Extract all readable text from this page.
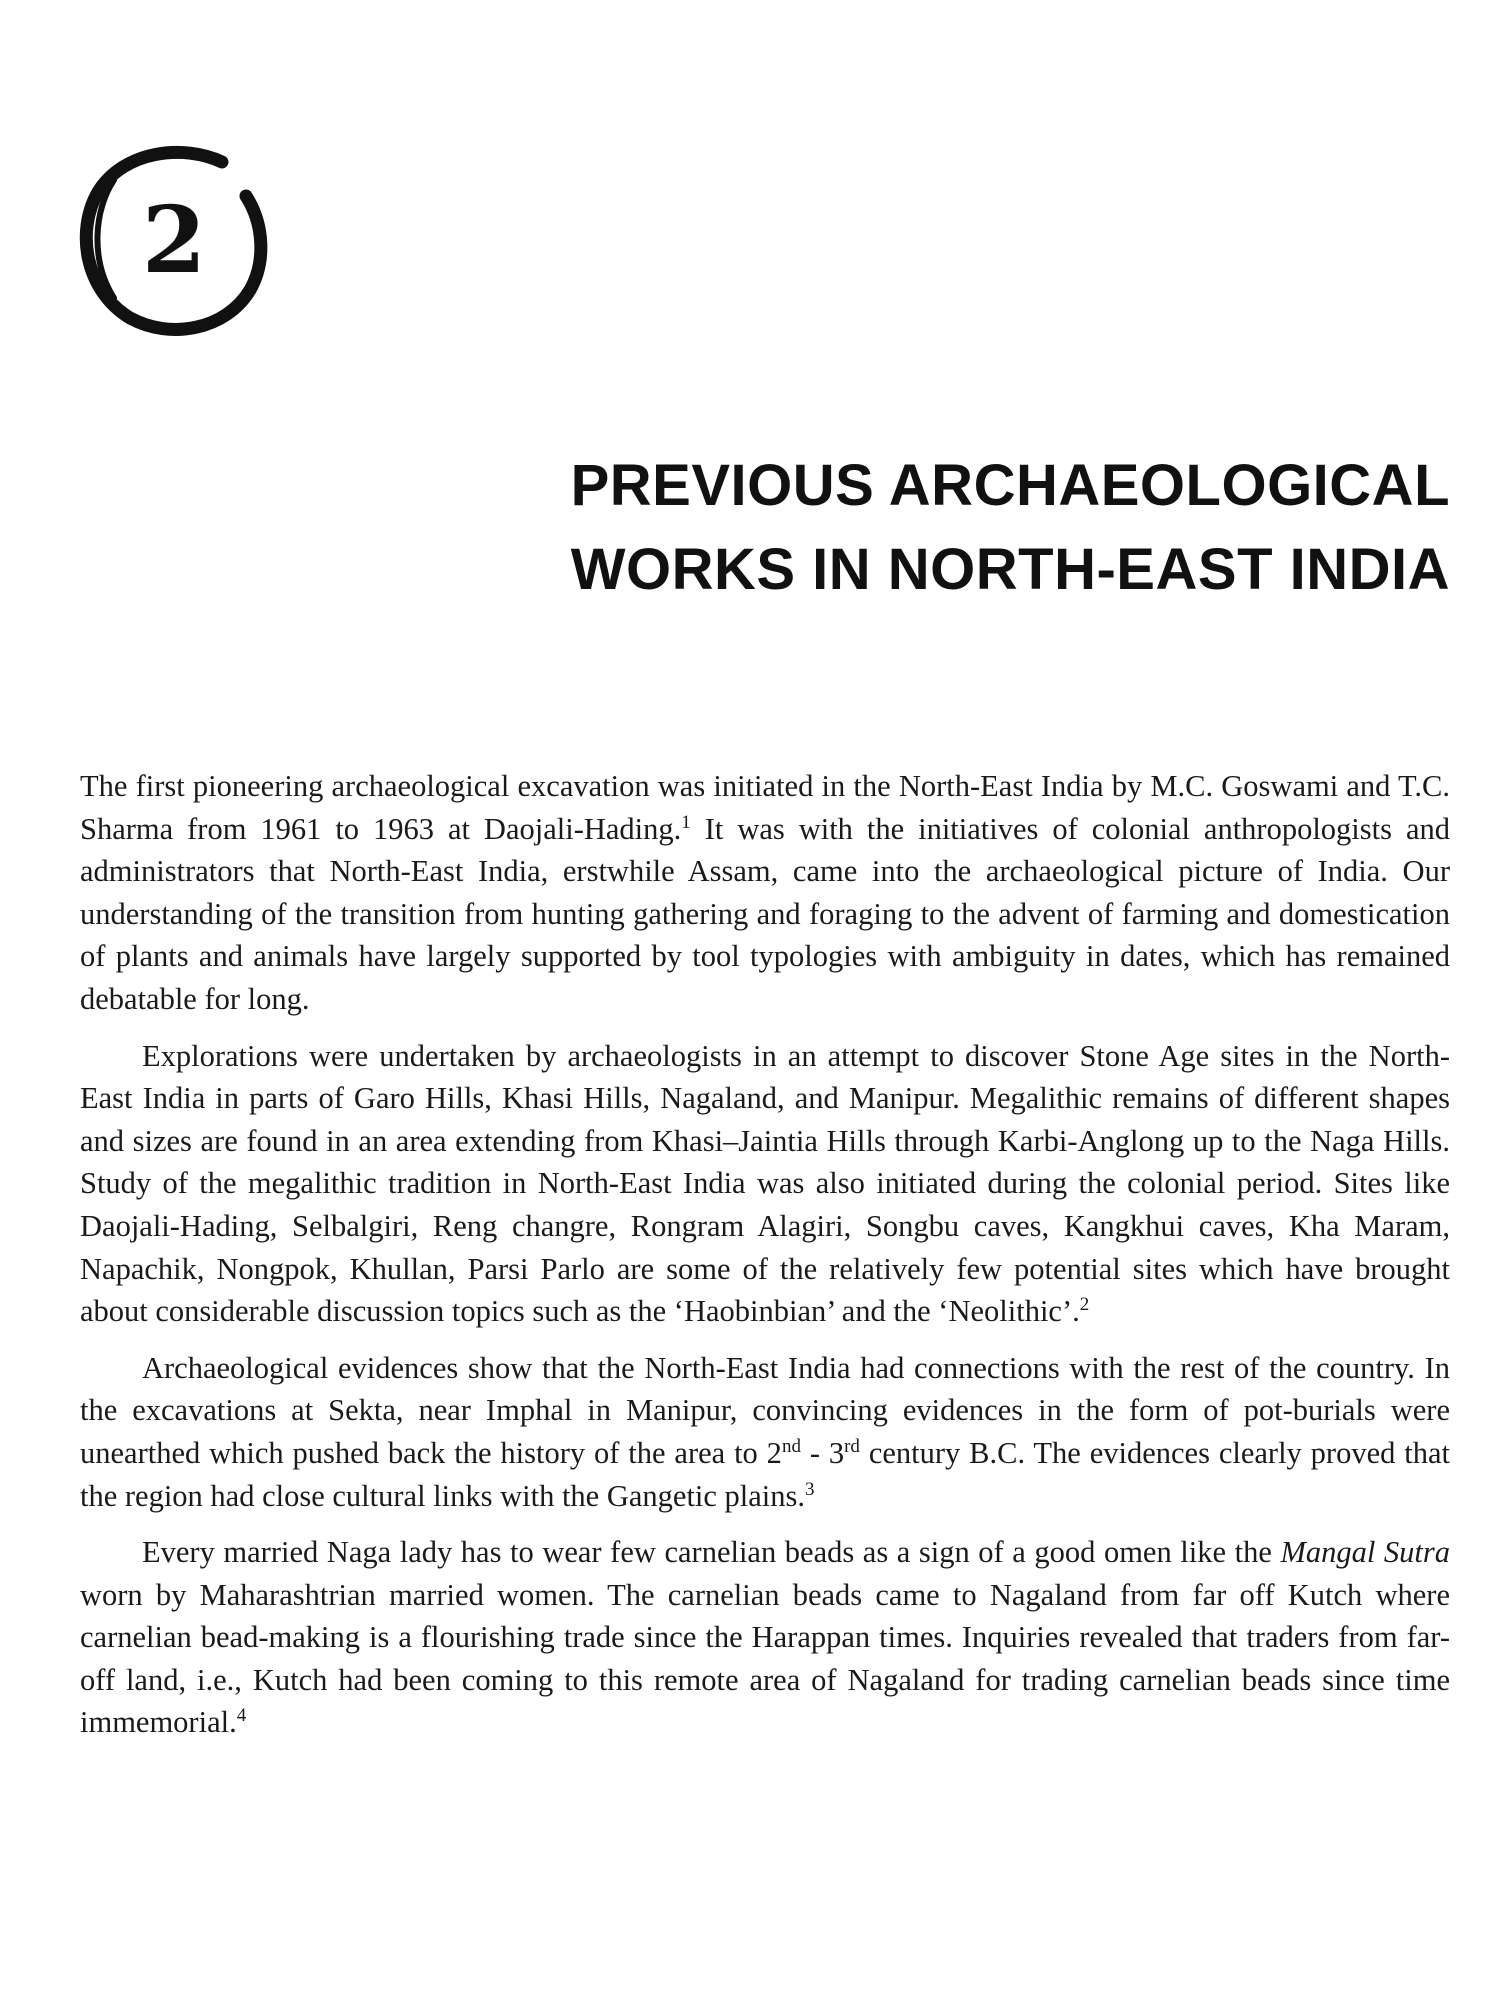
2
PREVIOUS ARCHAEOLOGICAL
WORKS IN NORTH-EAST INDIA

The first pioneering archaeological excavation was initiated in the North-East India by M.C. Goswami and T.C. Sharma from 1961 to 1963 at Daojali-Hading.$^1$ It was with the initiatives of colonial anthropologists and administrators that North-East India, erstwhile Assam, came into the archaeological picture of India. Our understanding of the transition from hunting gathering and foraging to the advent of farming and domestication of plants and animals have largely supported by tool typologies with ambiguity in dates, which has remained debatable for long.

Explorations were undertaken by archaeologists in an attempt to discover Stone Age sites in the North-East India in parts of Garo Hills, Khasi Hills, Nagaland, and Manipur. Megalithic remains of different shapes and sizes are found in an area extending from Khasi–Jaintia Hills through Karbi-Anglong up to the Naga Hills. Study of the megalithic tradition in North-East India was also initiated during the colonial period. Sites like Daojali-Hading, Selbalgiri, Reng changre, Rongram Alagiri, Songbu caves, Kangkhui caves, Kha Maram, Napachik, Nongpok, Khullan, Parsi Parlo are some of the relatively few potential sites which have brought about considerable discussion topics such as the ‘Haobinbian’ and the ‘Neolithic’.$^2$

Archaeological evidences show that the North-East India had connections with the rest of the country. In the excavations at Sekta, near Imphal in Manipur, convincing evidences in the form of pot-burials were unearthed which pushed back the history of the area to 2nd - 3rd century B.C. The evidences clearly proved that the region had close cultural links with the Gangetic plains.$^3$

Every married Naga lady has to wear few carnelian beads as a sign of a good omen like the Mangal Sutra worn by Maharashtrian married women. The carnelian beads came to Nagaland from far off Kutch where carnelian bead-making is a flourishing trade since the Harappan times. Inquiries revealed that traders from far-off land, i.e., Kutch had been coming to this remote area of Nagaland for trading carnelian beads since time immemorial.$^4$
